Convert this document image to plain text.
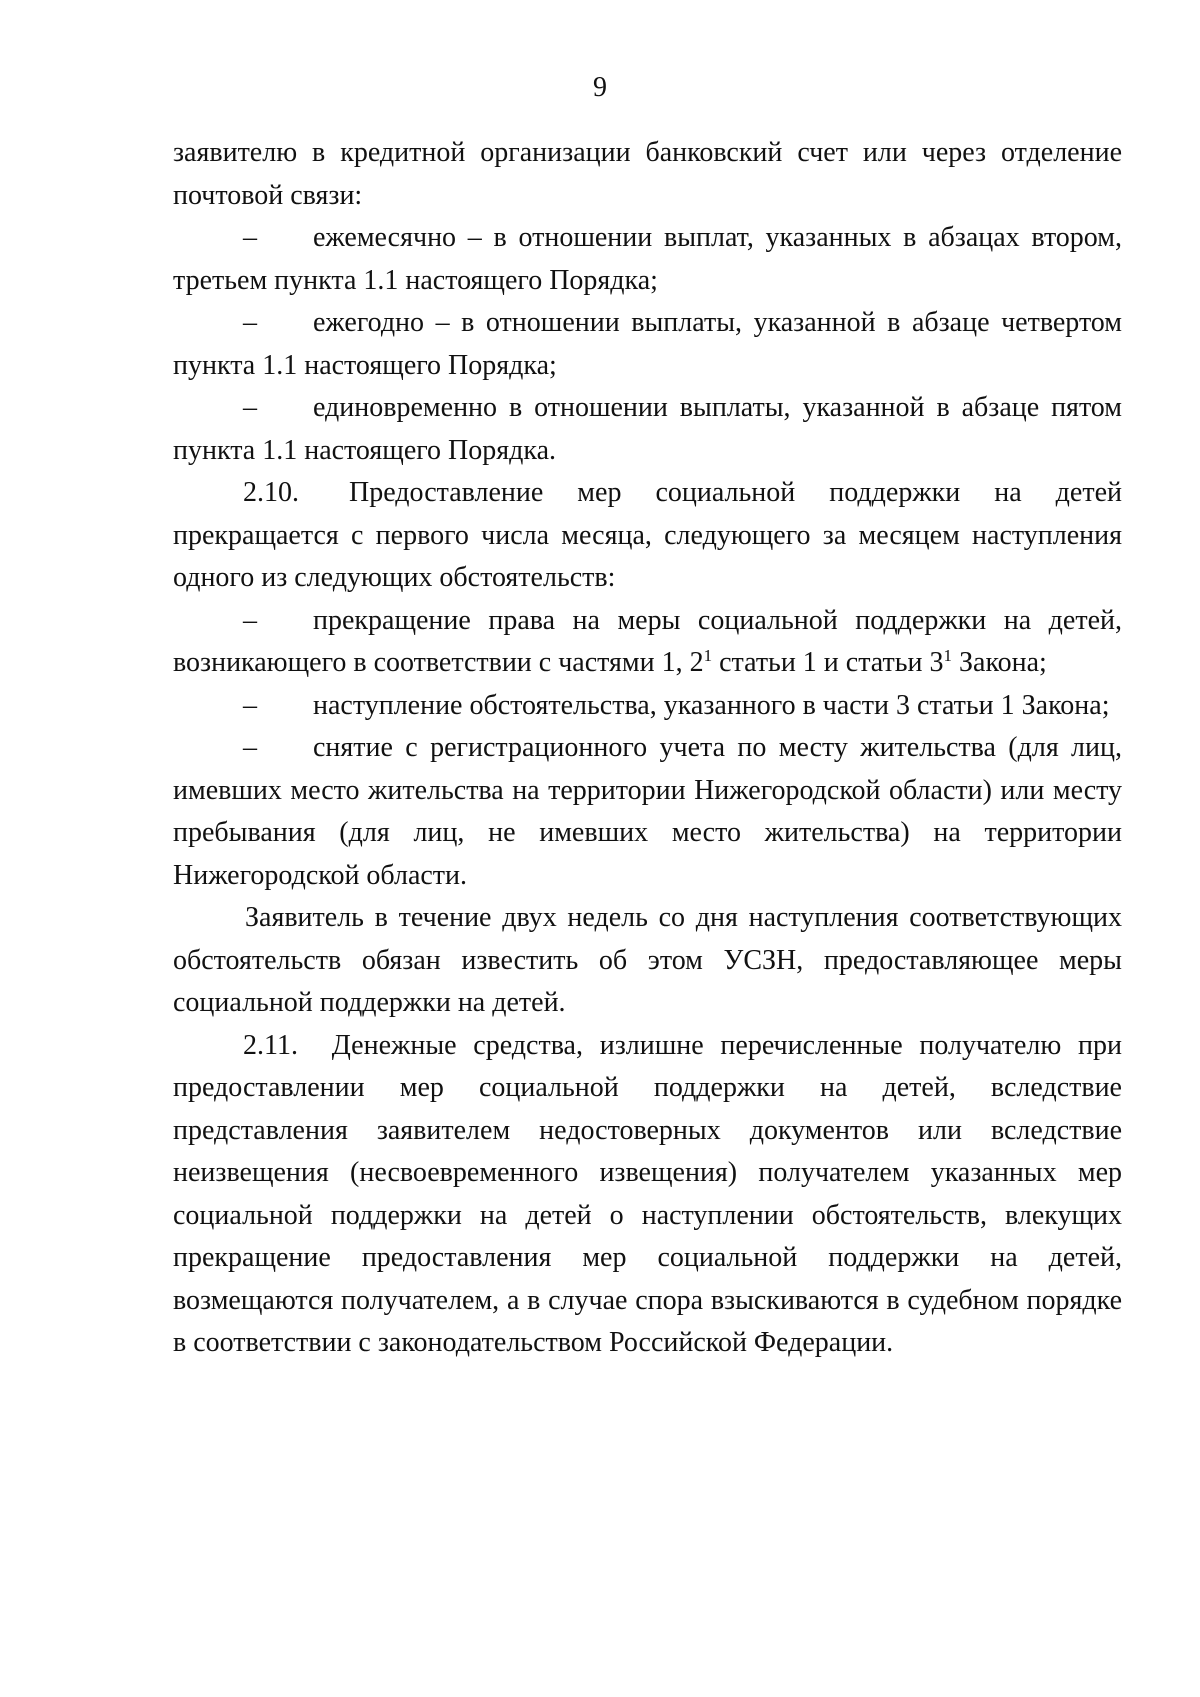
9

заявителю в кредитной организации банковский счет или через отделение почтовой связи:

– ежемесячно – в отношении выплат, указанных в абзацах втором, третьем пункта 1.1 настоящего Порядка;

– ежегодно – в отношении выплаты, указанной в абзаце четвертом пункта 1.1 настоящего Порядка;

– единовременно в отношении выплаты, указанной в абзаце пятом пункта 1.1 настоящего Порядка.

2.10. Предоставление мер социальной поддержки на детей прекращается с первого числа месяца, следующего за месяцем наступления одного из следующих обстоятельств:

– прекращение права на меры социальной поддержки на детей, возникающего в соответствии с частями 1, $2^1$ статьи 1 и статьи $3^1$ Закона;

– наступление обстоятельства, указанного в части 3 статьи 1 Закона;

– снятие с регистрационного учета по месту жительства (для лиц, имевших место жительства на территории Нижегородской области) или месту пребывания (для лиц, не имевших место жительства) на территории Нижегородской области.

Заявитель в течение двух недель со дня наступления соответствующих обстоятельств обязан известить об этом УСЗН, предоставляющее меры социальной поддержки на детей.

2.11. Денежные средства, излишне перечисленные получателю при предоставлении мер социальной поддержки на детей, вследствие представления заявителем недостоверных документов или вследствие неизвещения (несвоевременного извещения) получателем указанных мер социальной поддержки на детей о наступлении обстоятельств, влекущих прекращение предоставления мер социальной поддержки на детей, возмещаются получателем, а в случае спора взыскиваются в судебном порядке в соответствии с законодательством Российской Федерации.
